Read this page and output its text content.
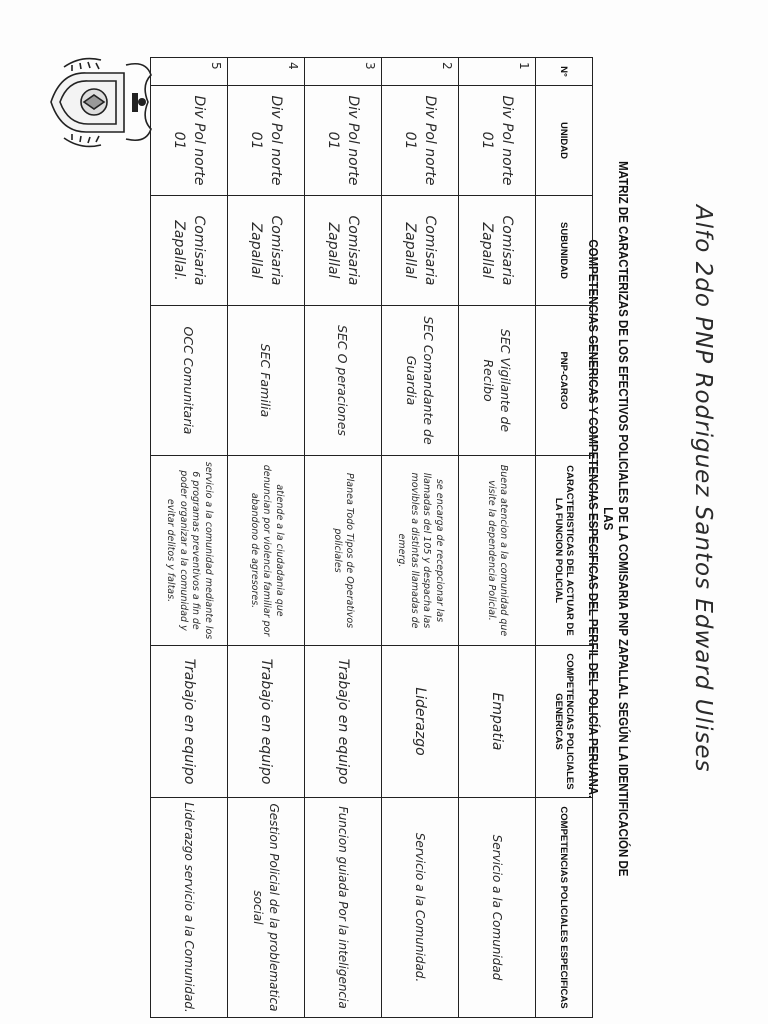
MATRIZ DE CARACTERIZAS DE LOS EFECTIVOS POLICIALES DE LA COMISARIA PNP ZAPALLAL SEGÚN LA IDENTIFICACIÓN DE LAS
COMPETENCIAS GENERICAS Y COMPETENCIAS ESPECIFICAS DEL PERFIL DEL POLICÍA PERUANA.	Alfo 2do PNP Rodriguez Santos Edward Ulises
N°	UNIDAD	SUBUNIDAD	PNP-CARGO	CARACTERISTICAS DEL ACTUAR DE LA FUNCION POLICIAL	COMPETENCIAS POLICIALES GENERICAS	COMPETENCIAS POLICIALES ESPECIFICAS
1	Div Pol norte 01	Comisaria Zapallal	SEC Vigilante de Recibo	Buena atencion a la comunidad que visite la dependencia Policial.	Empatia	Servicio a la Comunidad
2	Div Pol norte 01	Comisaria Zapallal	SEC Comandante de Guardia	se encarga de recepcionar las llamadas del 105 y despacha las movibles a distintas llamadas de emerg.	Liderazgo	Servicio a la Comunidad.
3	Div Pol norte 01	Comisaria Zapallal	SEC O peraciones	Planea Todo Tipos de Operativos policiales	Trabajo en equipo	Funcion guiada Por la inteligencia
4	Div Pol norte 01	Comisaria Zapallal	SEC Familia	atiende a la ciudadania que denuncian por violencia familiar por abandono de agresores.	Trabajo en equipo	Gestion Policial de la problematica social
5	Div Pol norte 01	Comisaria Zapallal.	OCC Comunitaria	servicio a la comunidad mediante los 6 programas preventivos a fin de poder organizar a la comunidad y evitar delitos y faltas.	Trabajo en equipo	Liderazgo servicio a la Comunidad.
